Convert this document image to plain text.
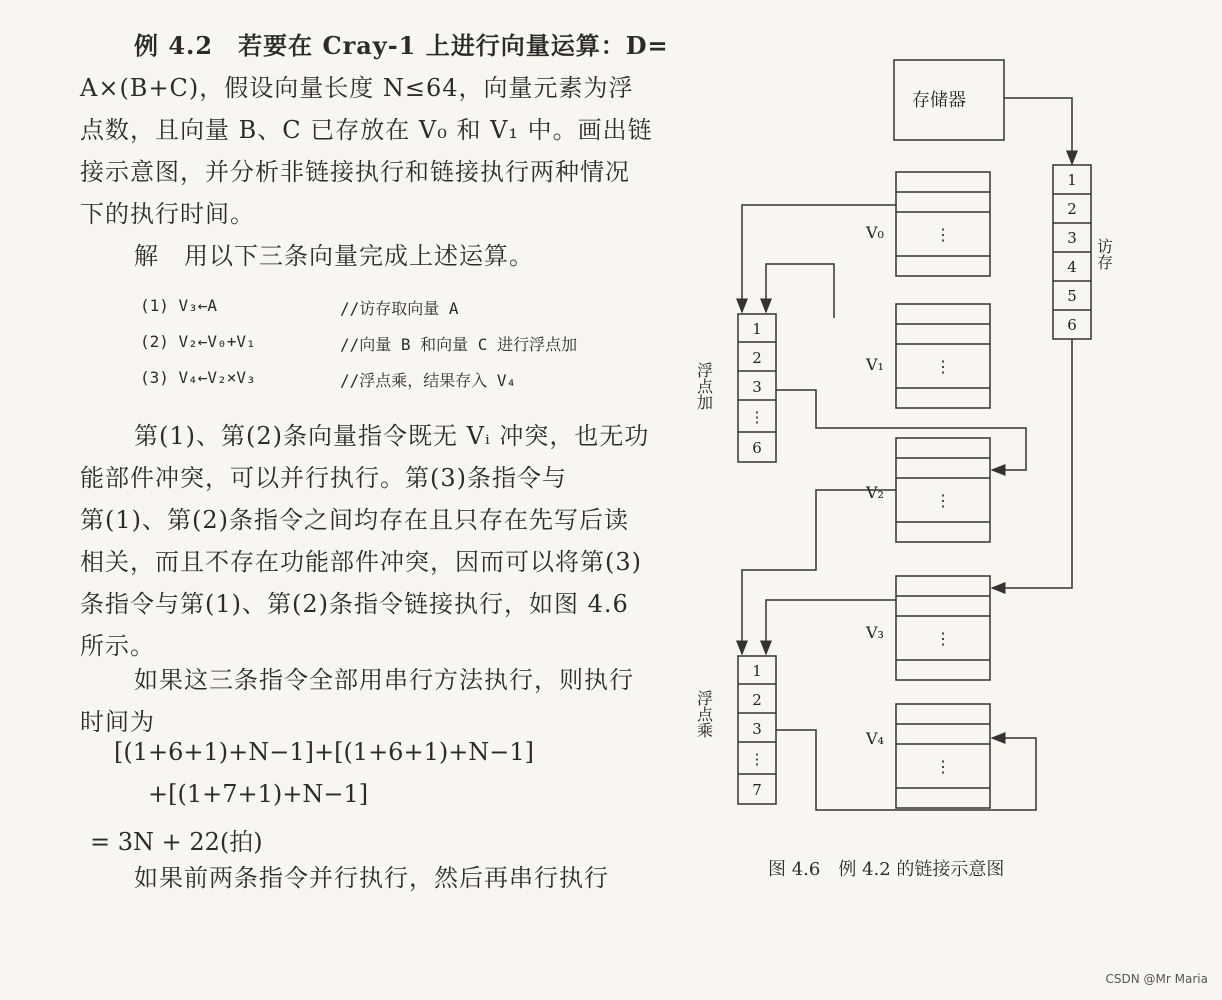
例 4.2　若要在 Cray-1 上进行向量运算：D=
A×(B+C)，假设向量长度 N≤64，向量元素为浮
点数，且向量 B、C 已存放在 V₀ 和 V₁ 中。画出链
接示意图，并分析非链接执行和链接执行两种情况
下的执行时间。
解　用以下三条向量完成上述运算。
(1) V₃←A	//访存取向量 A
(2) V₂←V₀+V₁	//向量 B 和向量 C 进行浮点加
(3) V₄←V₂×V₃	//浮点乘，结果存入 V₄
第(1)、第(2)条向量指令既无 Vᵢ 冲突，也无功
能部件冲突，可以并行执行。第(3)条指令与
第(1)、第(2)条指令之间均存在且只存在先写后读
相关，而且不存在功能部件冲突，因而可以将第(3)
条指令与第(1)、第(2)条指令链接执行，如图 4.6
所示。
如果这三条指令全部用串行方法执行，则执行
时间为
[(1+6+1)+N−1]+[(1+6+1)+N−1]
+[(1+7+1)+N−1]
= 3N + 22(拍)
如果前两条指令并行执行，然后再串行执行
存储器
1
2
3
4
5
6
访存
1
2
3
⋮
6
浮点加
1
2
3
⋮
7
浮点乘
V₀
V₁
V₂
V₃
V₄
⋮
⋮
⋮
⋮
⋮
图 4.6　例 4.2 的链接示意图
CSDN @Mr Maria
